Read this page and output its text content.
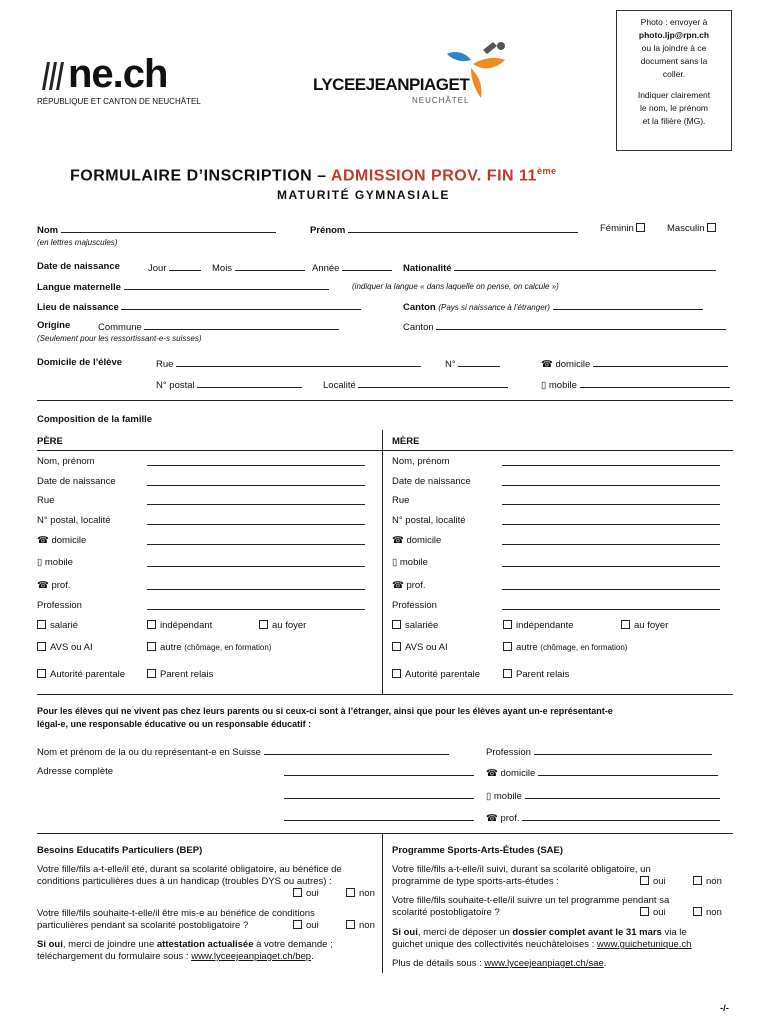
ne.ch
RÉPUBLIQUE ET CANTON DE NEUCHÂTEL
LYCEEJEANPIAGET
NEUCHÂTEL
Photo : envoyer à
photo.ljp@rpn.ch
ou la joindre à ce
document sans la
coller.
Indiquer clairement
le nom, le prénom
et la filière (MG).
FORMULAIRE D’INSCRIPTION – ADMISSION PROV. FIN 11ème
MATURITÉ GYMNASIALE
Nom	Prénom	Féminin	Masculin
(en lettres majuscules)
Date de naissance	Jour	Mois	Année	Nationalité
Langue maternelle	(indiquer la langue « dans laquelle on pense, on calcule »)
Lieu de naissance	Canton (Pays si naissance à l’étranger)
Origine	Commune	Canton
(Seulement pour les ressortissant-e-s suisses)
Domicile de l’élève	Rue	N°	☎ domicile
N° postal	Localité	▯ mobile
Composition de la famille
PÈRE	MÈRE
Nom, prénom	Nom, prénom
Date de naissance	Date de naissance
Rue	Rue
N° postal, localité	N° postal, localité
☎ domicile	☎ domicile
▯ mobile	▯ mobile
☎ prof.	☎ prof.
Profession	Profession
salarié	indépendant	au foyer	salariée	indépendante	au foyer
AVS ou AI	autre (chômage, en formation)	AVS ou AI	autre (chômage, en formation)
Autorité parentale	Parent relais	Autorité parentale	Parent relais
Pour les élèves qui ne vivent pas chez leurs parents ou si ceux-ci sont à l’étranger, ainsi que pour les élèves ayant un-e représentant-e
légal-e, une responsable éducative ou un responsable éducatif :
Nom et prénom de la ou du représentant-e en Suisse	Profession
Adresse complète	☎ domicile
▯ mobile
☎ prof.
Besoins Educatifs Particuliers (BEP)
Votre fille/fils a-t-elle/il été, durant sa scolarité obligatoire, au bénéfice de
conditions particulières dues à un handicap (troubles DYS ou autres) :
oui	non
Votre fille/fils souhaite-t-elle/il être mis-e au bénéfice de conditions
particulières pendant sa scolarité postobligatoire ?	oui	non
Si oui, merci de joindre une attestation actualisée à votre demande ;
téléchargement du formulaire sous : www.lyceejeanpiaget.ch/bep.
Programme Sports-Arts-Études (SAE)
Votre fille/fils a-t-elle/il suivi, durant sa scolarité obligatoire, un
programme de type sports-arts-études :	oui	non
Votre fille/fils souhaite-t-elle/il suivre un tel programme pendant sa
scolarité postobligatoire ?	oui	non
Si oui, merci de déposer un dossier complet avant le 31 mars via le
guichet unique des collectivités neuchâteloises : www.guichetunique.ch
Plus de détails sous : www.lyceejeanpiaget.ch/sae.
-/-
